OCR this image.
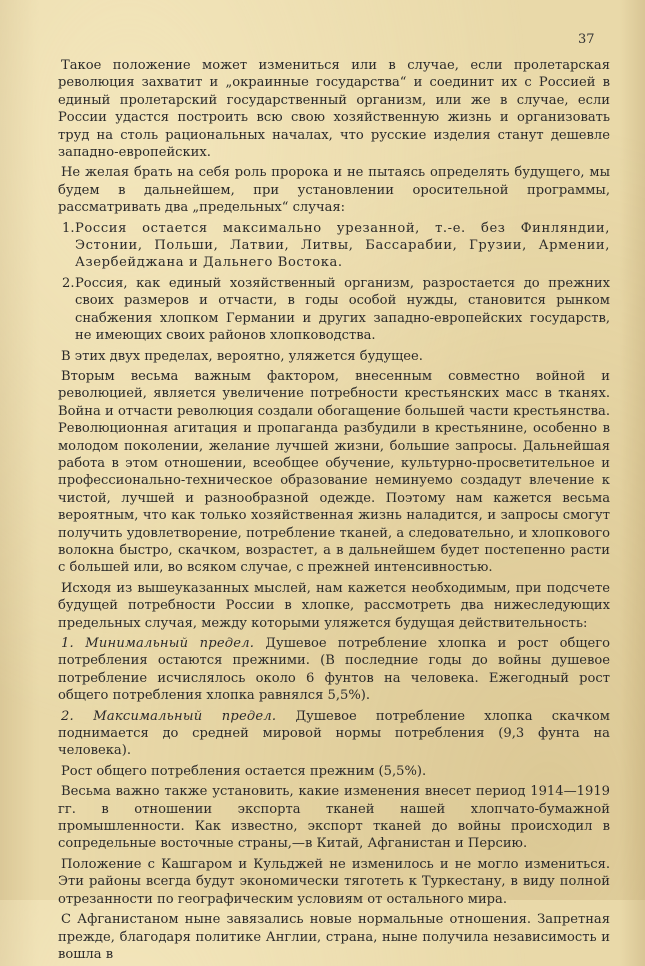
37

Такое положение может измениться или в случае, если пролетарская революция захватит и „окраинные государства“ и соединит их с Россией в единый пролетарский государственный организм, или же в случае, если России удастся построить всю свою хозяйственную жизнь и организовать труд на столь рациональных началах, что русские изделия станут дешевле западно-европейских.

Не желая брать на себя роль пророка и не пытаясь определять будущего, мы будем в дальнейшем, при установлении оросительной программы, рассматривать два „предельных“ случая:

1. Россия остается максимально урезанной, т.-е. без Финляндии, Эстонии, Польши, Латвии, Литвы, Бассарабии, Грузии, Армении, Азербейджана и Дальнего Востока.
2. Россия, как единый хозяйственный организм, разростается до прежних своих размеров и отчасти, в годы особой нужды, становится рынком снабжения хлопком Германии и других западно-европейских государств, не имеющих своих районов хлопководства.

В этих двух пределах, вероятно, уляжется будущее.

Вторым весьма важным фактором, внесенным совместно войной и революцией, является увеличение потребности крестьянских масс в тканях. Война и отчасти революция создали обогащение большей части крестьянства. Революционная агитация и пропаганда разбудили в крестьянине, особенно в молодом поколении, желание лучшей жизни, большие запросы. Дальнейшая работа в этом отношении, всеобщее обучение, культурно-просветительное и профессионально-техническое образование неминуемо создадут влечение к чистой, лучшей и разнообразной одежде. Поэтому нам кажется весьма вероятным, что как только хозяйственная жизнь наладится, и запросы смогут получить удовлетворение, потребление тканей, а следовательно, и хлопкового волокна быстро, скачком, возрастет, а в дальнейшем будет постепенно расти с большей или, во всяком случае, с прежней интенсивностью.

Исходя из вышеуказанных мыслей, нам кажется необходимым, при подсчете будущей потребности России в хлопке, рассмотреть два нижеследующих предельных случая, между которыми уляжется будущая действительность:

1. Минимальный предел. Душевое потребление хлопка и рост общего потребления остаются прежними. (В последние годы до войны душевое потребление исчислялось около 6 фунтов на человека. Ежегодный рост общего потребления хлопка равнялся 5,5%).

2. Максимальный предел. Душевое потребление хлопка скачком поднимается до средней мировой нормы потребления (9,3 фунта на человека).

Рост общего потребления остается прежним (5,5%).

Весьма важно также установить, какие изменения внесет период 1914—1919 гг. в отношении экспорта тканей нашей хлопчато-бумажной промышленности. Как известно, экспорт тканей до войны происходил в сопредельные восточные страны,—в Китай, Афганистан и Персию.

Положение с Кашгаром и Кульджей не изменилось и не могло измениться. Эти районы всегда будут экономически тяготеть к Туркестану, в виду полной отрезанности по географическим условиям от остального мира.

С Афганистаном ныне завязались новые нормальные отношения. Запретная прежде, благодаря политике Англии, страна, ныне получила независимость и вошла в
